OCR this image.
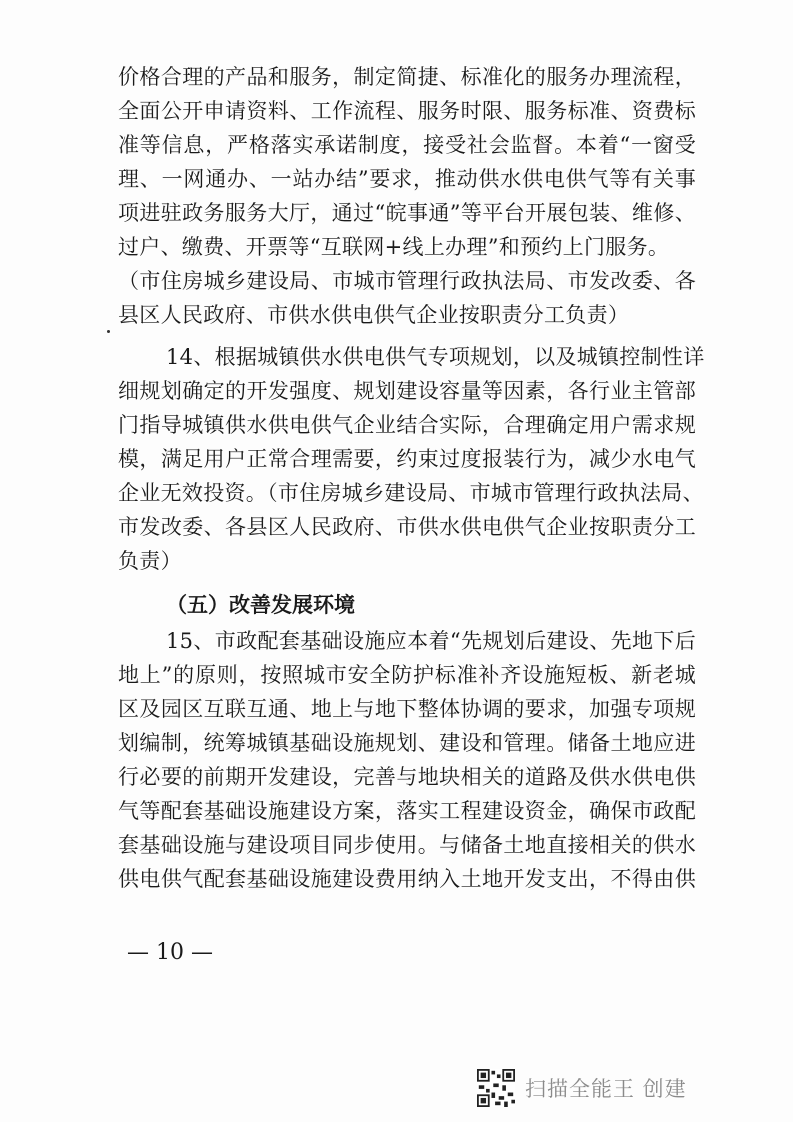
价格合理的产品和服务，制定简捷、标准化的服务办理流程，
全面公开申请资料、工作流程、服务时限、服务标准、资费标
准等信息，严格落实承诺制度，接受社会监督。本着“一窗受
理、一网通办、一站办结”要求，推动供水供电供气等有关事
项进驻政务服务大厅，通过“皖事通”等平台开展包装、维修、
过户、缴费、开票等“互联网+线上办理”和预约上门服务。
（市住房城乡建设局、市城市管理行政执法局、市发改委、各
县区人民政府、市供水供电供气企业按职责分工负责）
14、根据城镇供水供电供气专项规划，以及城镇控制性详
细规划确定的开发强度、规划建设容量等因素，各行业主管部
门指导城镇供水供电供气企业结合实际，合理确定用户需求规
模，满足用户正常合理需要，约束过度报装行为，减少水电气
企业无效投资。（市住房城乡建设局、市城市管理行政执法局、
市发改委、各县区人民政府、市供水供电供气企业按职责分工
负责）
（五）改善发展环境
15、市政配套基础设施应本着“先规划后建设、先地下后
地上”的原则，按照城市安全防护标准补齐设施短板、新老城
区及园区互联互通、地上与地下整体协调的要求，加强专项规
划编制，统筹城镇基础设施规划、建设和管理。储备土地应进
行必要的前期开发建设，完善与地块相关的道路及供水供电供
气等配套基础设施建设方案，落实工程建设资金，确保市政配
套基础设施与建设项目同步使用。与储备土地直接相关的供水
供电供气配套基础设施建设费用纳入土地开发支出，不得由供
— 10 —
扫描全能王 创建
